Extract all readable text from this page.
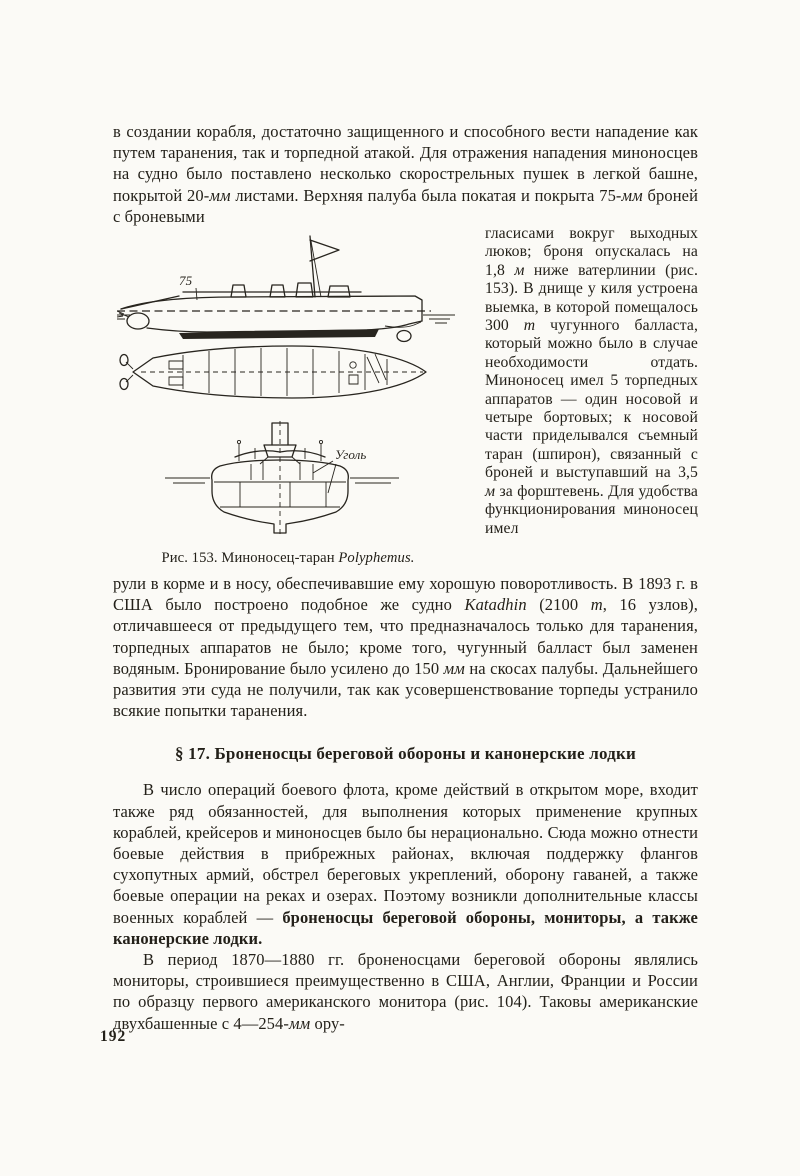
в создании корабля, достаточно защищенного и способного вести нападение как путем таранения, так и торпедной атакой. Для отражения нападения миноносцев на судно было поставлено несколько скорострельных пушек в легкой башне, покрытой 20-мм листами. Верхняя палуба была покатая и покрыта 75-мм броней с броневыми

75
Уголь
Рис. 153. Миноносец-таран Polyphemus.

гласисами вокруг выходных люков; броня опускалась на 1,8 м ниже ватерлинии (рис. 153). В днище у киля устроена выемка, в которой помещалось 300 т чугунного балласта, который можно было в случае необходимости отдать. Миноносец имел 5 торпедных аппаратов — один носовой и четыре бортовых; к носовой части приделывался съемный таран (шпирон), связанный с броней и выступавший на 3,5 м за форштевень. Для удобства функционирования миноносец имел

рули в корме и в носу, обеспечивавшие ему хорошую поворотливость. В 1893 г. в США было построено подобное же судно Katadhin (2100 т, 16 узлов), отличавшееся от предыдущего тем, что предназначалось только для таранения, торпедных аппаратов не было; кроме того, чугунный балласт был заменен водяным. Бронирование было усилено до 150 мм на скосах палубы. Дальнейшего развития эти суда не получили, так как усовершенствование торпеды устранило всякие попытки таранения.

§ 17. Броненосцы береговой обороны и канонерские лодки

В число операций боевого флота, кроме действий в открытом море, входит также ряд обязанностей, для выполнения которых применение крупных кораблей, крейсеров и миноносцев было бы нерационально. Сюда можно отнести боевые действия в прибрежных районах, включая поддержку флангов сухопутных армий, обстрел береговых укреплений, оборону гаваней, а также боевые операции на реках и озерах. Поэтому возникли дополнительные классы военных кораблей — броненосцы береговой обороны, мониторы, а также канонерские лодки.

В период 1870—1880 гг. броненосцами береговой обороны являлись мониторы, строившиеся преимущественно в США, Англии, Франции и России по образцу первого американского монитора (рис. 104). Таковы американские двухбашенные с 4—254-мм ору-

192
